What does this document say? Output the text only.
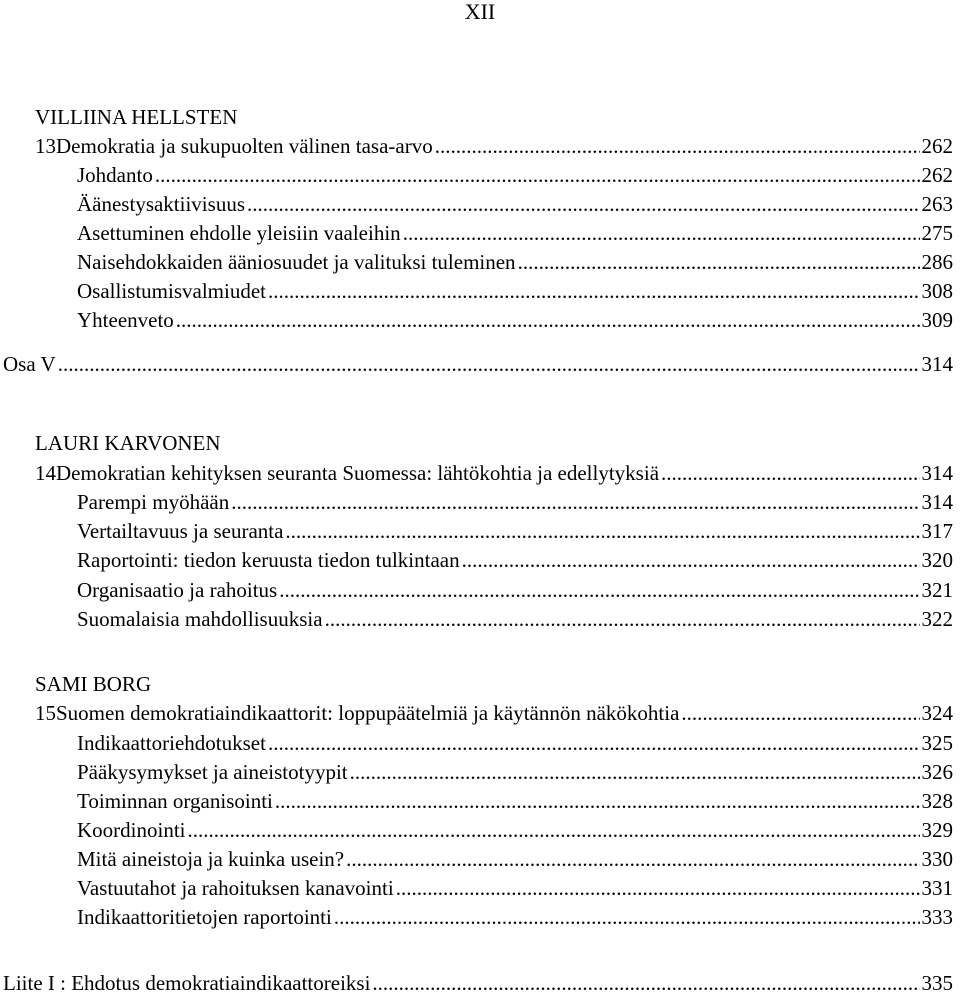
XII
VILLIINA HELLSTEN
13 Demokratia ja sukupuolten välinen tasa-arvo .....	262
Johdanto .....	262
Äänestysaktiivisuus .....	263
Asettuminen ehdolle yleisiin vaaleihin .....	275
Naisehdokkaiden ääniosuudet ja valituksi tuleminen .....	286
Osallistumisvalmiudet .....	308
Yhteenveto .....	309
Osa V .....	314
LAURI KARVONEN
14 Demokratian kehityksen seuranta Suomessa: lähtökohtia ja edellytyksiä .....	314
Parempi myöhään .....	314
Vertailtavuus ja seuranta .....	317
Raportointi: tiedon keruusta tiedon tulkintaan .....	320
Organisaatio ja rahoitus .....	321
Suomalaisia mahdollisuuksia .....	322
SAMI BORG
15 Suomen demokratiaindikaattorit: loppupäätelmiä ja käytännön näkökohtia .....	324
Indikaattoriehdotukset .....	325
Pääkysymykset ja aineistotyypit .....	326
Toiminnan organisointi .....	328
Koordinointi .....	329
Mitä aineistoja ja kuinka usein? .....	330
Vastuutahot ja rahoituksen kanavointi .....	331
Indikaattoritietojen raportointi .....	333
Liite I : Ehdotus demokratiaindikaattoreiksi .....	335
